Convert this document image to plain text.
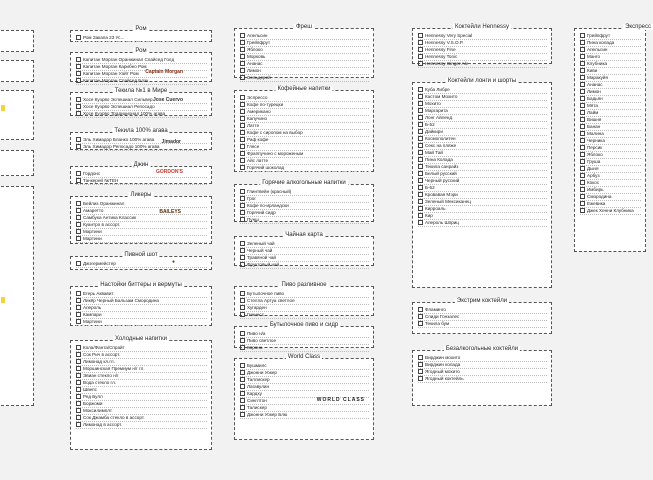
Ром
Ром Закапа 23 Ус...
Ром
Капитан Морган Оранжинал Спайсед Голд
Капитан Морган Карибео Ром
Капитан Морган Уайт Ром
Капитан Морган Спайсед Блэк
Captain Morgan
Текила №1 в Мире
Хосе Куэрво Эспешиал Сильвер
Хосе Куэрво Эспешиал Репосадо
Хосе Куэрво Традиционал 100% агава
Jose Cuervo
Текила 100% агава
Эль Химадор Бланко 100% агава
Эль Химадор Репосадо 100% агава
Jimador
Джин
Гордонс
Танкерей №ТЕН
GORDON'S
Ликеры
Бейлиз Оранжинал
Амаретто
Самбука Антика Классик
Куантро в ассорт.
Мартини
Мартини
BAILEYS
Пивной шот
Джэгермейстер	●
Настойки биттеры и вермуты
Егерь Аквавит
Ликёр Черный Бальзам Смородина
Апероль
Кампари
Мартини
Холодные напитки
Кола/Фанта/Спрайт
Сок Рич в ассорт.
Лимонад кл.гл.
Моршинская Премиум н/г гл.
Эвиан стекло н/г
Вода стекло гл.
Швепс
Ред Булл
Боржоми
Моксилимплт
Сок Джамба стекло в ассорт.
Лимонад в ассорт.
Фреш
Апельсин
Грейпфрут
Яблоко
Морковь
Ананас
Лимон
Сельдерей
Кофейные напитки
Эспрессо
Кофе по-турецки
Американо
Капучино
Латте
Кофе с сиропом на выбор
Раф кофе
Глясе
Фраппучино с мороженым
Айс латте
Горячий шоколад
Горячие алкогольные напитки
Глинтвейн (красный)
Грог
Кофе по-ирландски
Горячий сидр
Пунш
Чайная карта
Зеленый чай
Черный чай
Травяной чай
Фруктовый чай
Пиво разливное
Бутылочное пиво
Стелла Артуа светлое
Хугарден
Гиннесс
Бутылочное пиво и сидр
Пиво н/а
Пиво светлое
Корона
World Class
Бушмилс
Джонни Уокер
Таллискер
Лагавулин
Кардху
Синглтон
Талискер
Джонни Уокер Блю
WORLD CLASS
Коктейли Hennessy
Hennessy Very Special
Hennessy V.S.O.P.
Hennessy Fine
Hennessy Tonic
Hennessy Ginger Ale
Коктейли лонги и шорты
Куба Либре
Кастом Мохито
Мохито
Маргарита
Лонг Айленд
Б-52
Дайкири
Космополитен
Секс на пляже
Май Тай
Пина Колада
Текила санрайз
Белый русский
Черный русский
Б-52
Кровавая Мэри
Зеленый Мексиканец
Кирроаль
Кир
Апероль Шприц
Экстрим коктейли
Фламинго
Спиди Гонзалес
Текила бум
Безалкогольные коктейли
Вирджин мохито
Вирджин колада
Ягодный мохито
Ягодный коктейль
Экспресс
Грейпфрут
Пина колада
Апельсин
Манго
Клубника
Киви
Маракуйя
Ананас
Лимон
Бадьян
Мята
Лайм
Вишня
Банан
Малина
Черника
Персик
Яблоко
Груша
Дыня
Арбуз
Кокос
Имбирь
Смородина
Ежевика
Джек Хенни Клубника
